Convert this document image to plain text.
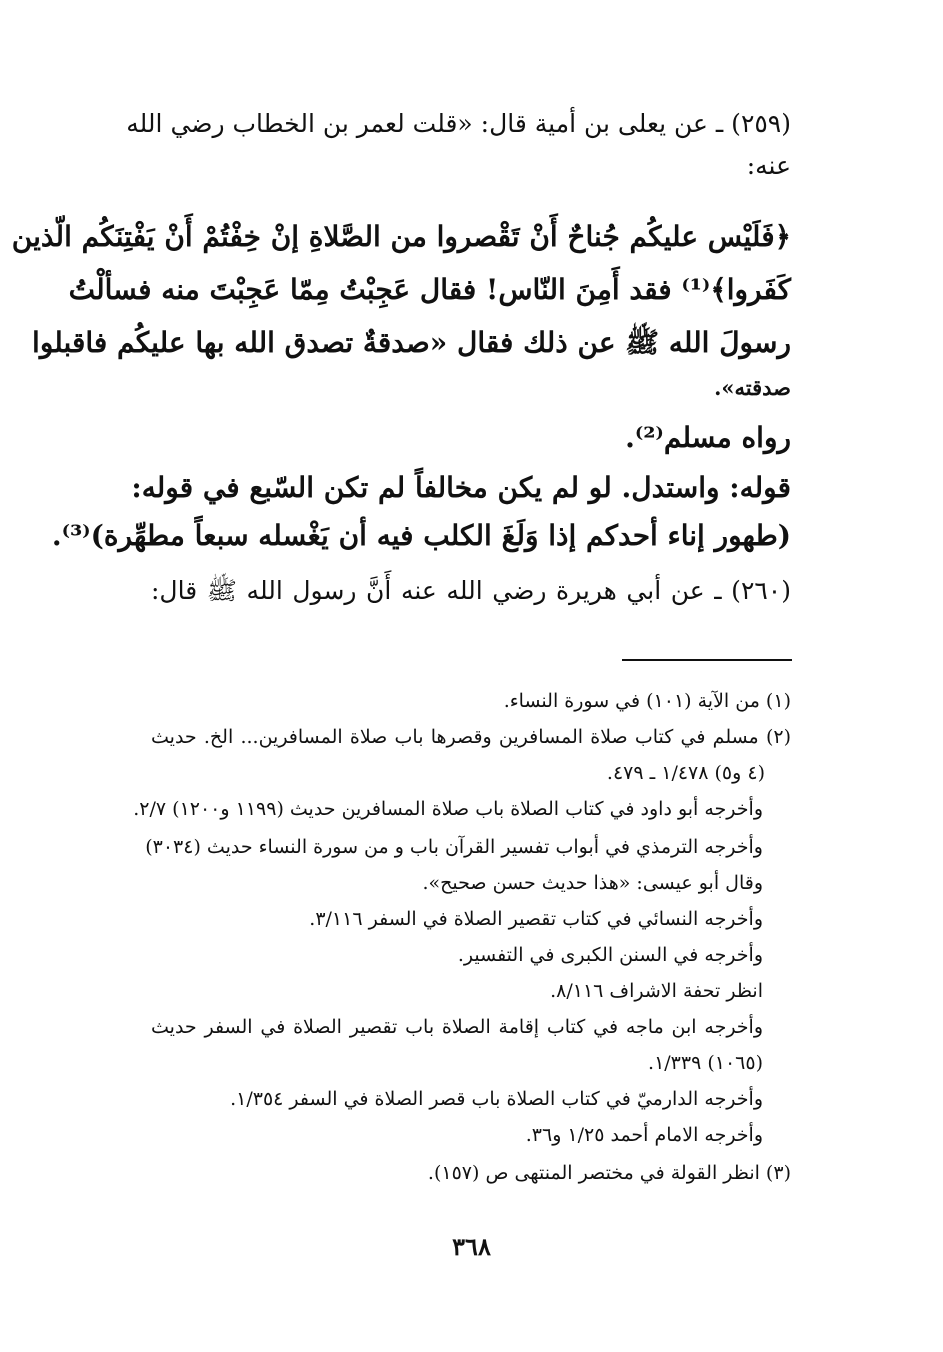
(٢٥٩) ـ عن يعلى بن أمية قال: «قلت لعمر بن الخطاب رضي الله
عنه:
﴿فَلَيْس عليكُم جُناحٌ أَنْ تَقْصروا من الصَّلاةِ إنْ خِفْتُمْ أَنْ يَفْتِنَكُم الّذين
كَفَروا﴾⁽¹⁾ فقد أَمِنَ النّاس! فقال عَجِبْتُ مِمّا عَجِبْتَ منه فسألْتُ
رسولَ الله ﷺ عن ذلك فقال «صدقةٌ تصدق الله بها عليكُم فاقبلوا
صدقته».
رواه مسلم⁽²⁾.
قوله: واستدل. لو لم يكن مخالفاً لم تكن السّبع في قوله:
(طهور إناء أحدكم إذا وَلَغَ الكلب فيه أن يَغْسله سبعاً مطهِّرة)⁽³⁾.
(٢٦٠) ـ عن أبي هريرة رضي الله عنه أَنَّ رسول الله ﷺ قال:
(١) من الآية (١٠١) في سورة النساء.
(٢) مسلم في كتاب صلاة المسافرين وقصرها باب صلاة المسافرين... الخ. حديث
(٤ و٥) ١/٤٧٨ ـ ٤٧٩.
وأخرجه أبو داود في كتاب الصلاة باب صلاة المسافرين حديث (١١٩٩ و١٢٠٠) ٢/٧.
وأخرجه الترمذي في أبواب تفسير القرآن باب و من سورة النساء حديث (٣٠٣٤)
وقال أبو عيسى: «هذا حديث حسن صحيح».
وأخرجه النسائي في كتاب تقصير الصلاة في السفر ٣/١١٦.
وأخرجه في السنن الكبرى في التفسير.
انظر تحفة الاشراف ٨/١١٦.
وأخرجه ابن ماجه في كتاب إقامة الصلاة باب تقصير الصلاة في السفر حديث
(١٠٦٥) ١/٣٣٩.
وأخرجه الدارميّ في كتاب الصلاة باب قصر الصلاة في السفر ١/٣٥٤.
وأخرجه الامام أحمد ١/٢٥ و٣٦.
(٣) انظر القولة في مختصر المنتهى ص (١٥٧).
٣٦٨
